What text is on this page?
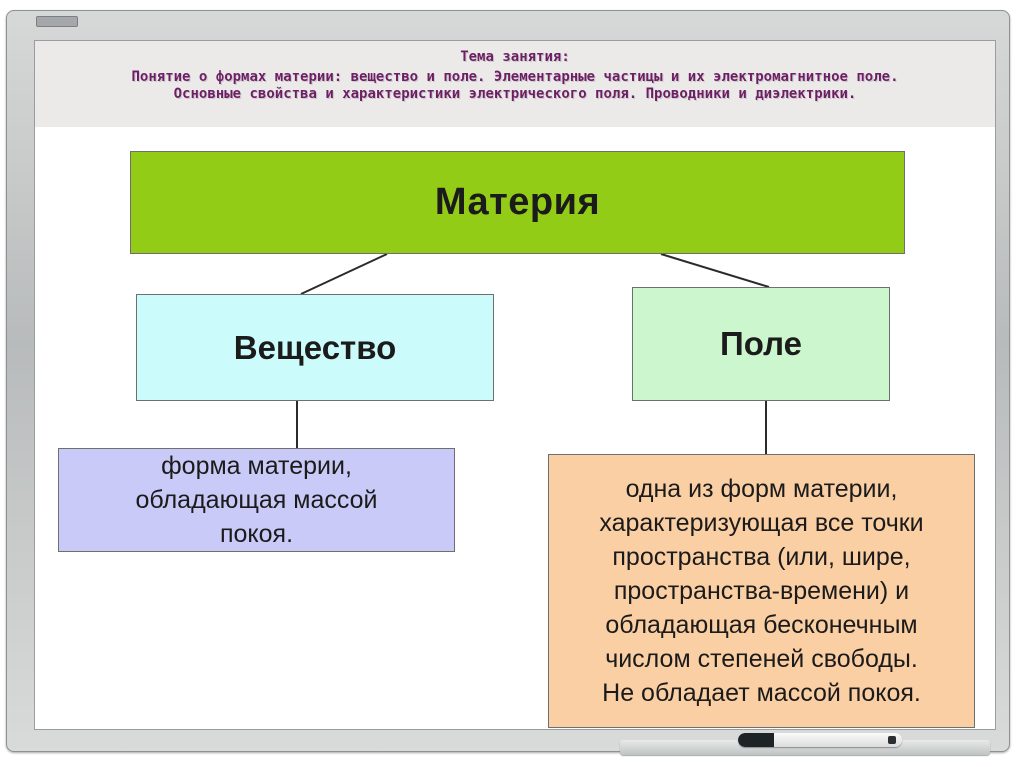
Тема занятия:
Понятие о формах материи: вещество и поле. Элементарные частицы и их электромагнитное поле.
Основные свойства и характеристики электрического поля. Проводники и диэлектрики.
Материя
Вещество	Поле
форма материи,
обладающая массой
покоя.
одна из форм материи,
характеризующая все точки
пространства (или, шире,
пространства-времени) и
обладающая бесконечным
числом степеней свободы.
Не обладает массой покоя.
